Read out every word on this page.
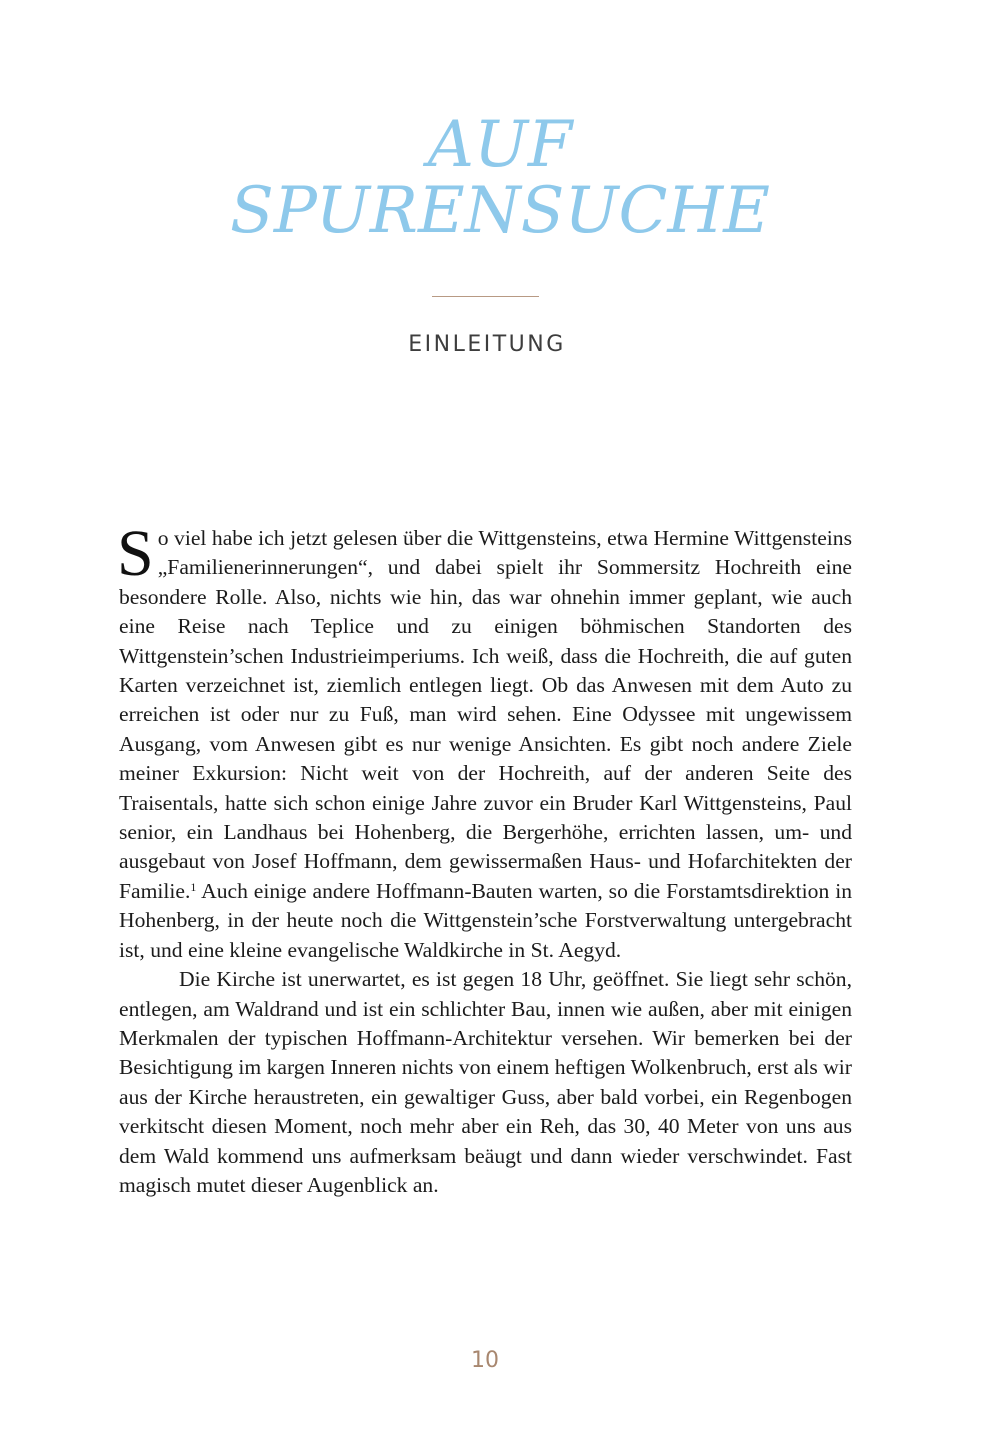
AUF
SPURENSUCHE
EINLEITUNG

So viel habe ich jetzt gelesen über die Wittgensteins, etwa Hermine Wittgensteins „Familienerinnerungen“, und dabei spielt ihr Sommersitz Hochreith eine besondere Rolle. Also, nichts wie hin, das war ohnehin immer geplant, wie auch eine Reise nach Teplice und zu einigen böhmischen Standorten des Wittgenstein’schen Industrieimperiums. Ich weiß, dass die Hochreith, die auf guten Karten verzeichnet ist, ziemlich entlegen liegt. Ob das Anwesen mit dem Auto zu erreichen ist oder nur zu Fuß, man wird sehen. Eine Odyssee mit ungewissem Ausgang, vom Anwesen gibt es nur wenige Ansichten. Es gibt noch andere Ziele meiner Exkursion: Nicht weit von der Hochreith, auf der anderen Seite des Traisentals, hatte sich schon einige Jahre zuvor ein Bruder Karl Wittgensteins, Paul senior, ein Landhaus bei Hohenberg, die Bergerhöhe, errichten lassen, um- und ausgebaut von Josef Hoffmann, dem gewissermaßen Haus- und Hofarchitekten der Familie.$^1$ Auch einige andere Hoffmann-Bauten warten, so die Forstamtsdirektion in Hohenberg, in der heute noch die Wittgenstein’sche Forstverwaltung untergebracht ist, und eine kleine evangelische Waldkirche in St. Aegyd.

Die Kirche ist unerwartet, es ist gegen 18 Uhr, geöffnet. Sie liegt sehr schön, entlegen, am Waldrand und ist ein schlichter Bau, innen wie außen, aber mit einigen Merkmalen der typischen Hoffmann-Architektur versehen. Wir bemerken bei der Besichtigung im kargen Inneren nichts von einem heftigen Wolkenbruch, erst als wir aus der Kirche heraustreten, ein gewaltiger Guss, aber bald vorbei, ein Regenbogen verkitscht diesen Moment, noch mehr aber ein Reh, das 30, 40 Meter von uns aus dem Wald kommend uns aufmerksam beäugt und dann wieder verschwindet. Fast magisch mutet dieser Augenblick an.

10
